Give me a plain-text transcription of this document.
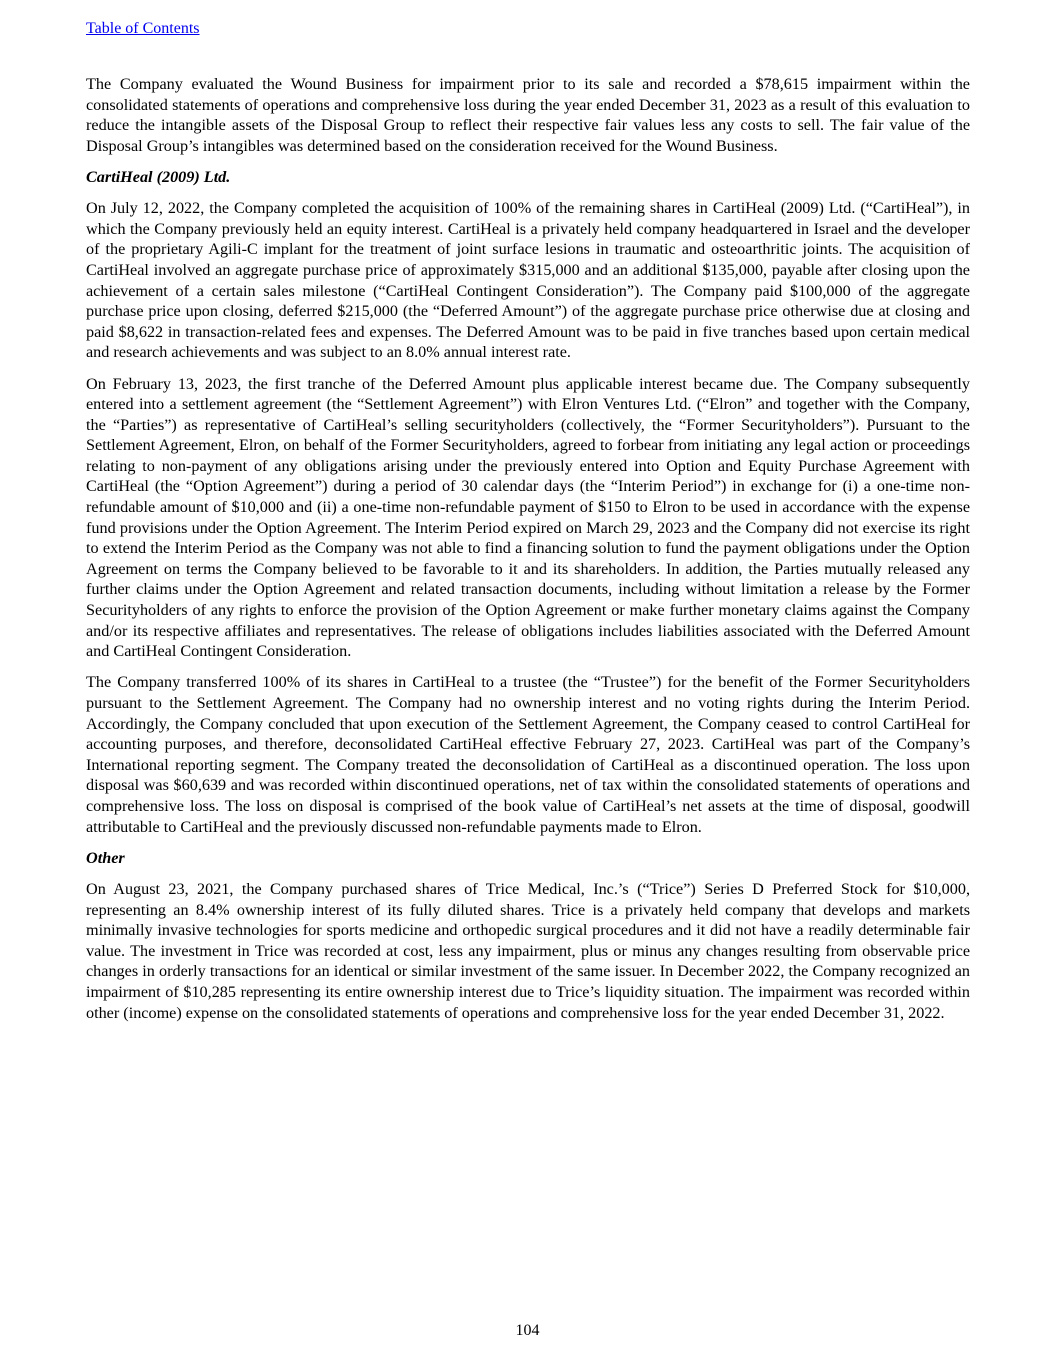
Table of Contents

The Company evaluated the Wound Business for impairment prior to its sale and recorded a $78,615 impairment within the consolidated statements of operations and comprehensive loss during the year ended December 31, 2023 as a result of this evaluation to reduce the intangible assets of the Disposal Group to reflect their respective fair values less any costs to sell. The fair value of the Disposal Group’s intangibles was determined based on the consideration received for the Wound Business.

CartiHeal (2009) Ltd.

On July 12, 2022, the Company completed the acquisition of 100% of the remaining shares in CartiHeal (2009) Ltd. (“CartiHeal”), in which the Company previously held an equity interest. CartiHeal is a privately held company headquartered in Israel and the developer of the proprietary Agili-C implant for the treatment of joint surface lesions in traumatic and osteoarthritic joints. The acquisition of CartiHeal involved an aggregate purchase price of approximately $315,000 and an additional $135,000, payable after closing upon the achievement of a certain sales milestone (“CartiHeal Contingent Consideration”). The Company paid $100,000 of the aggregate purchase price upon closing, deferred $215,000 (the “Deferred Amount”) of the aggregate purchase price otherwise due at closing and paid $8,622 in transaction-related fees and expenses. The Deferred Amount was to be paid in five tranches based upon certain medical and research achievements and was subject to an 8.0% annual interest rate.

On February 13, 2023, the first tranche of the Deferred Amount plus applicable interest became due. The Company subsequently entered into a settlement agreement (the “Settlement Agreement”) with Elron Ventures Ltd. (“Elron” and together with the Company, the “Parties”) as representative of CartiHeal’s selling securityholders (collectively, the “Former Securityholders”). Pursuant to the Settlement Agreement, Elron, on behalf of the Former Securityholders, agreed to forbear from initiating any legal action or proceedings relating to non-payment of any obligations arising under the previously entered into Option and Equity Purchase Agreement with CartiHeal (the “Option Agreement”) during a period of 30 calendar days (the “Interim Period”) in exchange for (i) a one-time non-refundable amount of $10,000 and (ii) a one-time non-refundable payment of $150 to Elron to be used in accordance with the expense fund provisions under the Option Agreement. The Interim Period expired on March 29, 2023 and the Company did not exercise its right to extend the Interim Period as the Company was not able to find a financing solution to fund the payment obligations under the Option Agreement on terms the Company believed to be favorable to it and its shareholders. In addition, the Parties mutually released any further claims under the Option Agreement and related transaction documents, including without limitation a release by the Former Securityholders of any rights to enforce the provision of the Option Agreement or make further monetary claims against the Company and/or its respective affiliates and representatives. The release of obligations includes liabilities associated with the Deferred Amount and CartiHeal Contingent Consideration.

The Company transferred 100% of its shares in CartiHeal to a trustee (the “Trustee”) for the benefit of the Former Securityholders pursuant to the Settlement Agreement. The Company had no ownership interest and no voting rights during the Interim Period. Accordingly, the Company concluded that upon execution of the Settlement Agreement, the Company ceased to control CartiHeal for accounting purposes, and therefore, deconsolidated CartiHeal effective February 27, 2023. CartiHeal was part of the Company’s International reporting segment. The Company treated the deconsolidation of CartiHeal as a discontinued operation. The loss upon disposal was $60,639 and was recorded within discontinued operations, net of tax within the consolidated statements of operations and comprehensive loss. The loss on disposal is comprised of the book value of CartiHeal’s net assets at the time of disposal, goodwill attributable to CartiHeal and the previously discussed non-refundable payments made to Elron.

Other

On August 23, 2021, the Company purchased shares of Trice Medical, Inc.’s (“Trice”) Series D Preferred Stock for $10,000, representing an 8.4% ownership interest of its fully diluted shares. Trice is a privately held company that develops and markets minimally invasive technologies for sports medicine and orthopedic surgical procedures and it did not have a readily determinable fair value. The investment in Trice was recorded at cost, less any impairment, plus or minus any changes resulting from observable price changes in orderly transactions for an identical or similar investment of the same issuer. In December 2022, the Company recognized an impairment of $10,285 representing its entire ownership interest due to Trice’s liquidity situation. The impairment was recorded within other (income) expense on the consolidated statements of operations and comprehensive loss for the year ended December 31, 2022.

104
